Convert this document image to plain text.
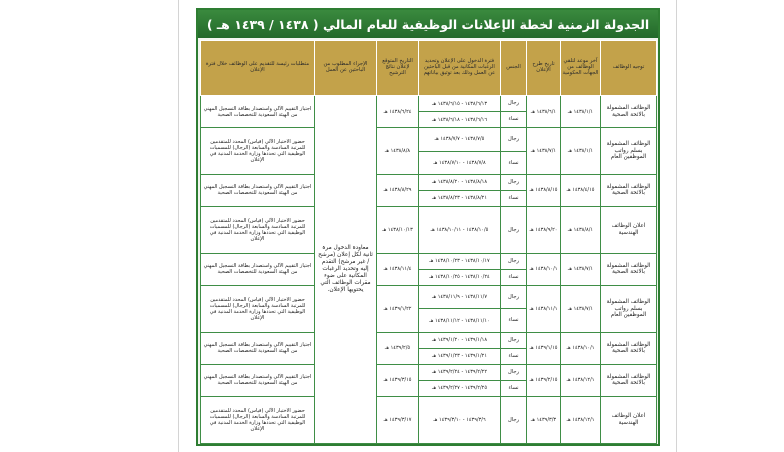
الجدولة الزمنية لخطة الإعلانات الوظيفية للعام المالي ( ١٤٣٨ / ١٤٣٩ هـ )
توجيه الوظائف	آخر موعد لتلقي الوظائف من الجهات الحكومية	تاريخ طرح الإعلان	الجنس	فترة الدخول على الإعلان وتحديد الرغبات المكانية من قبل الباحثين عن العمل وذلك بعد توثيق بياناتهم	التاريخ المتوقع لإعلان نتائج الترشيح	الإجراء المطلوب من الباحثين عن العمل	متطلبات رئيسة للتقديم على الوظائف خلال فترة الإعلان
الوظائف المشمولة بالائحة الصحية	١٤٣٨/١/١ هـ	١٤٣٨/٦/١ هـ	رجال	١٤٣٨/٦/١٣ - ١٤٣٨/٦/١٥ هـ	١٤٣٨/٦/٢٤ هـ	معاودة الدخول مرة ثانية لكل إعلان (مرشح / غير مرشح) التقدم إليه وتحديد الرغبات المكانية على ضوء مقرات الوظائف التي يحتويها الإعلان.	اجتياز التقييم الآلي واستصدار بطاقة التسجيل المهني من الهيئة السعودية للتخصصات الصحية
			نساء	١٤٣٨/٦/١٦ - ١٤٣٨/٦/١٨ هـ			
الوظائف المشمولة بسلم رواتب الموظفين العام	١٤٣٨/١/١ هـ	١٤٣٨/٧/١ هـ	رجال	١٤٣٨/٧/٥ - ١٤٣٨/٧/٧ هـ	١٤٣٨/٨/٨ هـ		حضور الاختبار الآلي (قياس) المحدد للمتقدمين للمرتبة السادسة والسابعة (الرجال) للمسميات الوظيفية التي تحددها وزارة الخدمة المدنية في الإعلان
			نساء	١٤٣٨/٧/٨ - ١٤٣٨/٧/١٠ هـ			
الوظائف المشمولة بالائحة الصحية	١٤٣٨/٤/١٥ هـ	١٤٣٨/٨/١٥ هـ	رجال	١٤٣٨/٨/١٨ - ١٤٣٨/٨/٢٠ هـ	١٤٣٨/٨/٢٩ هـ		اجتياز التقييم الآلي واستصدار بطاقة التسجيل المهني من الهيئة السعودية للتخصصات الصحية
			نساء	١٤٣٨/٨/٢١ - ١٤٣٨/٨/٢٣ هـ			
اعلان الوظائف الهندسية	١٤٣٨/٨/١ هـ	١٤٣٨/٩/٢٠ هـ	رجال	١٤٣٨/١٠/٥ - ١٤٣٨/١٠/١١ هـ	١٤٣٨/١٠/١٣ هـ		حضور الاختبار الآلي (قياس) المحدد للمتقدمين للمرتبة السادسة والسابعة (الرجال) للمسميات الوظيفية التي تحددها وزارة الخدمة المدنية في الإعلان
الوظائف المشمولة بالائحة الصحية	١٤٣٨/٧/١ هـ	١٤٣٨/١٠/١ هـ	رجال	١٤٣٨/١٠/١٧ - ١٤٣٨/١٠/٢٣ هـ	١٤٣٨/١١/٤ هـ		اجتياز التقييم الآلي واستصدار بطاقة التسجيل المهني من الهيئة السعودية للتخصصات الصحية
			نساء	١٤٣٨/١٠/٢٤ - ١٤٣٨/١٠/٢٥ هـ			
الوظائف المشمولة بسلم رواتب الموظفين العام	١٤٣٨/٧/١ هـ	١٤٣٨/١١/١ هـ	رجال	١٤٣٨/١١/٧ - ١٤٣٨/١١/٩ هـ	١٤٣٩/١/٢٢ هـ		حضور الاختبار الآلي (قياس) المحدد للمتقدمين للمرتبة السادسة والسابعة (الرجال) للمسميات الوظيفية التي تحددها وزارة الخدمة المدنية في الإعلان
			نساء	١٤٣٨/١١/١٠ - ١٤٣٨/١١/١٢ هـ			
الوظائف المشمولة بالائحة الصحية	١٤٣٨/١٠/١ هـ	١٤٣٩/١/١٥ هـ	رجال	١٤٣٩/١/١٨ - ١٤٣٩/١/٢٠ هـ	١٤٣٩/٢/٥ هـ		اجتياز التقييم الآلي واستصدار بطاقة التسجيل المهني من الهيئة السعودية للتخصصات الصحية
			نساء	١٤٣٩/١/٢١ - ١٤٣٩/١/٢٣ هـ			
الوظائف المشمولة بالائحة الصحية	١٤٣٨/١٢/١ هـ	١٤٣٩/٢/١٥ هـ	رجال	١٤٣٩/٢/٢٢ - ١٤٣٩/٢/٢٤ هـ	١٤٣٩/٣/١٥ هـ		اجتياز التقييم الآلي واستصدار بطاقة التسجيل المهني من الهيئة السعودية للتخصصات الصحية
			نساء	١٤٣٩/٢/٢٥ - ١٤٣٩/٢/٢٧ هـ			
اعلان الوظائف الهندسية	١٤٣٨/١٢/١ هـ	١٤٣٩/٣/٣ هـ	رجال	١٤٣٩/٣/٦ - ١٤٣٩/٣/١٠ هـ	١٤٣٩/٣/١٧ هـ		حضور الاختبار الآلي (قياس) المحدد للمتقدمين للمرتبة السادسة والسابعة (الرجال) للمسميات الوظيفية التي تحددها وزارة الخدمة المدنية في الإعلان
